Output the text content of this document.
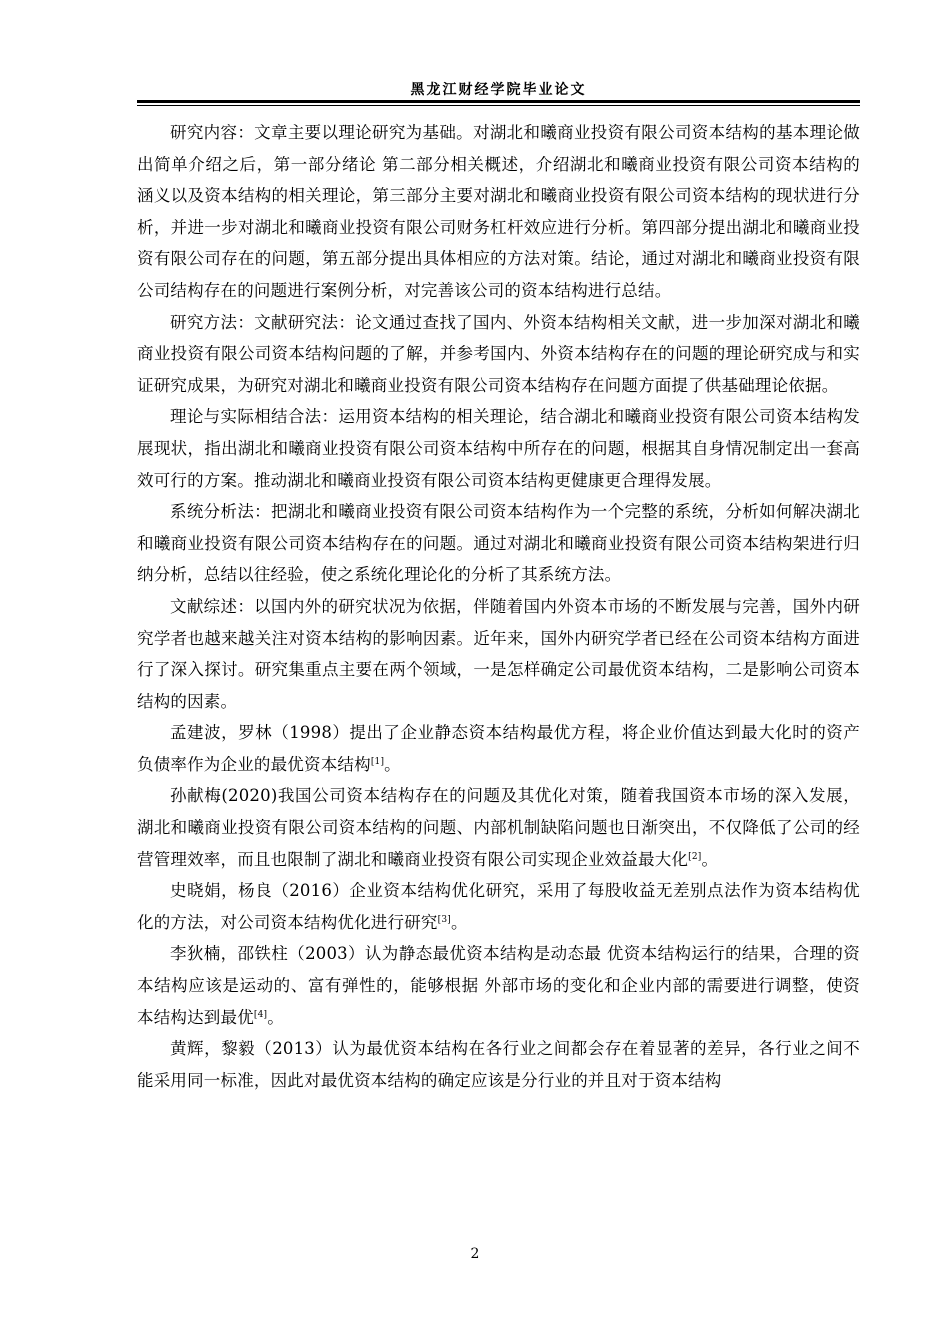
黑龙江财经学院毕业论文

研究内容：文章主要以理论研究为基础。对湖北和曦商业投资有限公司资本结构的基本理论做出简单介绍之后，第一部分绪论 第二部分相关概述，介绍湖北和曦商业投资有限公司资本结构的涵义以及资本结构的相关理论，第三部分主要对湖北和曦商业投资有限公司资本结构的现状进行分析，并进一步对湖北和曦商业投资有限公司财务杠杆效应进行分析。第四部分提出湖北和曦商业投资有限公司存在的问题，第五部分提出具体相应的方法对策。结论，通过对湖北和曦商业投资有限公司结构存在的问题进行案例分析，对完善该公司的资本结构进行总结。

研究方法：文献研究法：论文通过查找了国内、外资本结构相关文献，进一步加深对湖北和曦商业投资有限公司资本结构问题的了解，并参考国内、外资本结构存在的问题的理论研究成与和实证研究成果，为研究对湖北和曦商业投资有限公司资本结构存在问题方面提了供基础理论依据。

理论与实际相结合法：运用资本结构的相关理论，结合湖北和曦商业投资有限公司资本结构发展现状，指出湖北和曦商业投资有限公司资本结构中所存在的问题，根据其自身情况制定出一套高效可行的方案。推动湖北和曦商业投资有限公司资本结构更健康更合理得发展。

系统分析法：把湖北和曦商业投资有限公司资本结构作为一个完整的系统，分析如何解决湖北和曦商业投资有限公司资本结构存在的问题。通过对湖北和曦商业投资有限公司资本结构架进行归纳分析，总结以往经验，使之系统化理论化的分析了其系统方法。

文献综述：以国内外的研究状况为依据，伴随着国内外资本市场的不断发展与完善，国外内研究学者也越来越关注对资本结构的影响因素。近年来，国外内研究学者已经在公司资本结构方面进行了深入探讨。研究集重点主要在两个领域，一是怎样确定公司最优资本结构，二是影响公司资本结构的因素。

孟建波，罗林（1998）提出了企业静态资本结构最优方程，将企业价值达到最大化时的资产负债率作为企业的最优资本结构[1]。

孙献梅(2020)我国公司资本结构存在的问题及其优化对策，随着我国资本市场的深入发展，湖北和曦商业投资有限公司资本结构的问题、内部机制缺陷问题也日渐突出，不仅降低了公司的经营管理效率，而且也限制了湖北和曦商业投资有限公司实现企业效益最大化[2]。

史晓娟，杨良（2016）企业资本结构优化研究，采用了每股收益无差别点法作为资本结构优化的方法，对公司资本结构优化进行研究[3]。

李狄楠，邵铁柱（2003）认为静态最优资本结构是动态最 优资本结构运行的结果，合理的资本结构应该是运动的、富有弹性的，能够根据 外部市场的变化和企业内部的需要进行调整，使资本结构达到最优[4]。

黄辉，黎毅（2013）认为最优资本结构在各行业之间都会存在着显著的差异，各行业之间不能采用同一标准，因此对最优资本结构的确定应该是分行业的并且对于资本结构

2
